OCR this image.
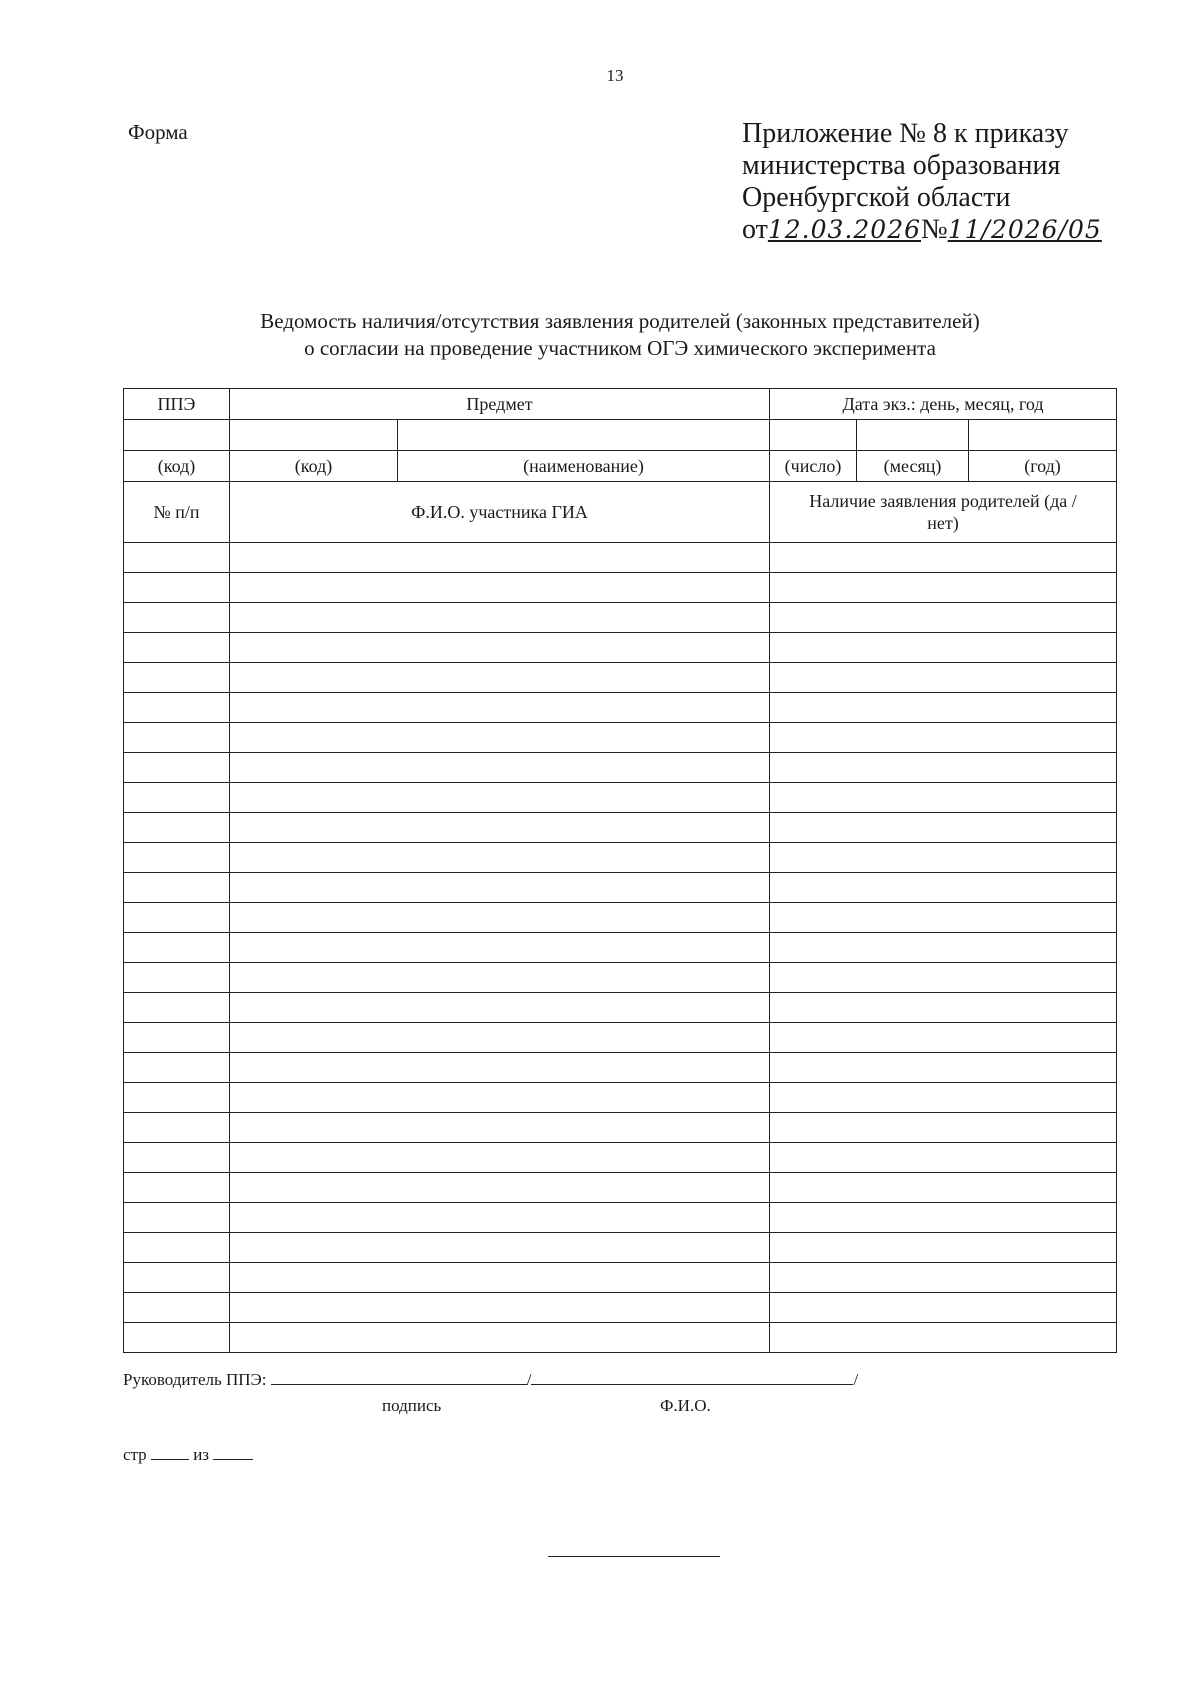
13
Форма	Приложение № 8 к приказу
министерства образования
Оренбургской области
от12.03.2026№11/2026/05
Ведомость наличия/отсутствия заявления родителей (законных представителей)
о согласии на проведение участником ОГЭ химического эксперимента
ППЭ	Предмет		Дата экз.: день, месяц, год		

(код)	(код)	(наименование)	(число)	(месяц)	(год)
№ п/п	Ф.И.О. участника ГИА		Наличие заявления родителей (да /нет)		

Руководитель ППЭ:	/	/
подпись	Ф.И.О.
стр	из
